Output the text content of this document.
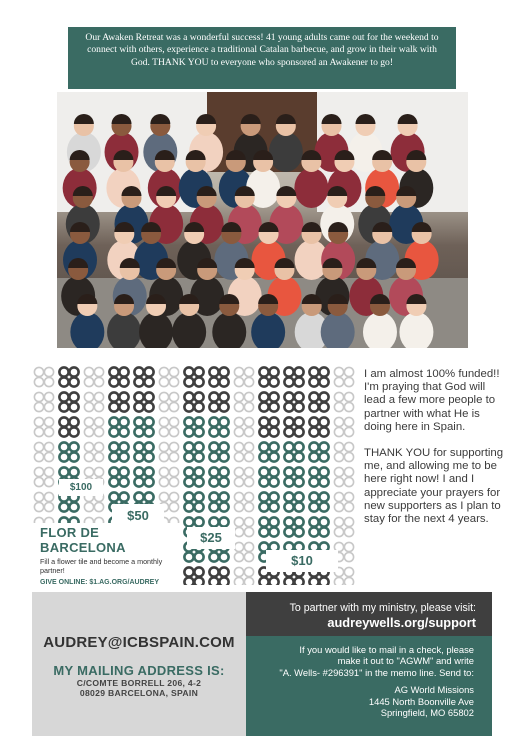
Our Awaken Retreat was a wonderful success! 41 young adults came out for the weekend to connect with others, experience a traditional Catalan barbecue, and grow in their walk with God. THANK YOU to everyone who sponsored an Awakener to go!
$100
$50
$25
$10
FLOR DE BARCELONA
Fill a flower tile and become a monthly partner!
GIVE ONLINE: $1.AG.ORG/AUDREY

I am almost 100% funded!! I'm praying that God will lead a few more people to partner with what He is doing here in Spain.

THANK YOU for supporting me, and allowing me to be here right now! I and I appreciate your prayers for new supporters as I plan to stay for the next 4 years.

AUDREY@ICBSPAIN.COM
MY MAILING ADDRESS IS:
C/COMTE BORRELL 206, 4-2
08029 BARCELONA, SPAIN
To partner with my ministry, please visit:
audreywells.org/support
If you would like to mail in a check, please
make it out to "AGWM" and write
"A. Wells- #296391" in the memo line. Send to:
AG World Missions
1445 North Boonville Ave
Springfield, MO 65802
